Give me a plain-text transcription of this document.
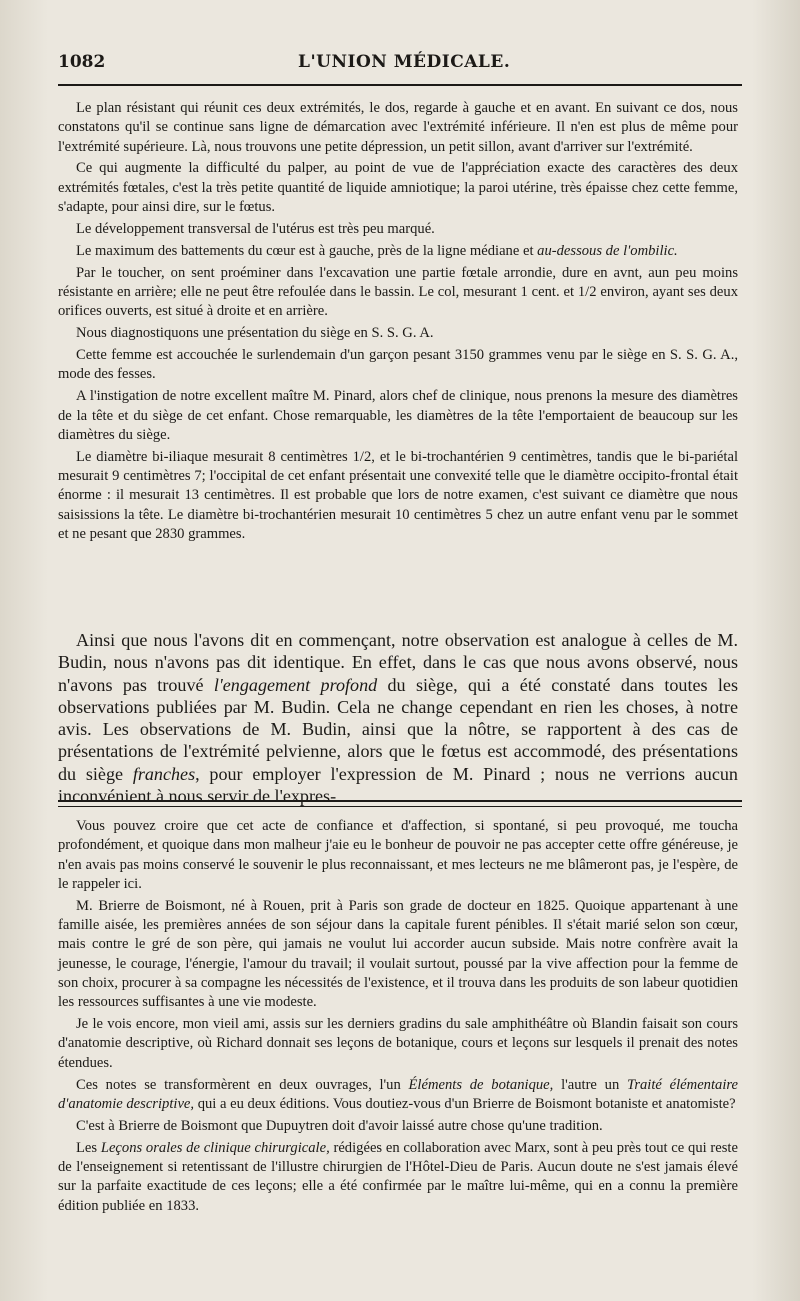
1082	L'UNION MÉDICALE.

Le plan résistant qui réunit ces deux extrémités, le dos, regarde à gauche et en avant. En suivant ce dos, nous constatons qu'il se continue sans ligne de démarcation avec l'extrémité inférieure. Il n'en est plus de même pour l'extrémité supérieure. Là, nous trouvons une petite dépression, un petit sillon, avant d'arriver sur l'extrémité.

Ce qui augmente la difficulté du palper, au point de vue de l'appréciation exacte des caractères des deux extrémités fœtales, c'est la très petite quantité de liquide amniotique; la paroi utérine, très épaisse chez cette femme, s'adapte, pour ainsi dire, sur le fœtus.

Le développement transversal de l'utérus est très peu marqué.

Le maximum des battements du cœur est à gauche, près de la ligne médiane et au-dessous de l'ombilic.

Par le toucher, on sent proéminer dans l'excavation une partie fœtale arrondie, dure en avnt, aun peu moins résistante en arrière; elle ne peut être refoulée dans le bassin. Le col, mesurant 1 cent. et 1/2 environ, ayant ses deux orifices ouverts, est situé à droite et en arrière.

Nous diagnostiquons une présentation du siège en S. S. G. A.

Cette femme est accouchée le surlendemain d'un garçon pesant 3150 grammes venu par le siège en S. S. G. A., mode des fesses.

A l'instigation de notre excellent maître M. Pinard, alors chef de clinique, nous prenons la mesure des diamètres de la tête et du siège de cet enfant. Chose remarquable, les diamètres de la tête l'emportaient de beaucoup sur les diamètres du siège.

Le diamètre bi-iliaque mesurait 8 centimètres 1/2, et le bi-trochantérien 9 centimètres, tandis que le bi-pariétal mesurait 9 centimètres 7; l'occipital de cet enfant présentait une convexité telle que le diamètre occipito-frontal était énorme : il mesurait 13 centimètres. Il est probable que lors de notre examen, c'est suivant ce diamètre que nous saisissions la tête. Le diamètre bi-trochantérien mesurait 10 centimètres 5 chez un autre enfant venu par le sommet et ne pesant que 2830 grammes.

Ainsi que nous l'avons dit en commençant, notre observation est analogue à celles de M. Budin, nous n'avons pas dit identique. En effet, dans le cas que nous avons observé, nous n'avons pas trouvé l'engagement profond du siège, qui a été constaté dans toutes les observations publiées par M. Budin. Cela ne change cependant en rien les choses, à notre avis. Les observations de M. Budin, ainsi que la nôtre, se rapportent à des cas de présentations de l'extrémité pelvienne, alors que le fœtus est accommodé, des présentations du siège franches, pour employer l'expression de M. Pinard ; nous ne verrions aucun inconvénient à nous servir de l'expres-

Vous pouvez croire que cet acte de confiance et d'affection, si spontané, si peu provoqué, me toucha profondément, et quoique dans mon malheur j'aie eu le bonheur de pouvoir ne pas accepter cette offre généreuse, je n'en avais pas moins conservé le souvenir le plus reconnaissant, et mes lecteurs ne me blâmeront pas, je l'espère, de le rappeler ici.

M. Brierre de Boismont, né à Rouen, prit à Paris son grade de docteur en 1825. Quoique appartenant à une famille aisée, les premières années de son séjour dans la capitale furent pénibles. Il s'était marié selon son cœur, mais contre le gré de son père, qui jamais ne voulut lui accorder aucun subside. Mais notre confrère avait la jeunesse, le courage, l'énergie, l'amour du travail; il voulait surtout, poussé par la vive affection pour la femme de son choix, procurer à sa compagne les nécessités de l'existence, et il trouva dans les produits de son labeur quotidien les ressources suffisantes à une vie modeste.

Je le vois encore, mon vieil ami, assis sur les derniers gradins du sale amphithéâtre où Blandin faisait son cours d'anatomie descriptive, où Richard donnait ses leçons de botanique, cours et leçons sur lesquels il prenait des notes étendues.

Ces notes se transformèrent en deux ouvrages, l'un Éléments de botanique, l'autre un Traité élémentaire d'anatomie descriptive, qui a eu deux éditions. Vous doutiez-vous d'un Brierre de Boismont botaniste et anatomiste?

C'est à Brierre de Boismont que Dupuytren doit d'avoir laissé autre chose qu'une tradition.

Les Leçons orales de clinique chirurgicale, rédigées en collaboration avec Marx, sont à peu près tout ce qui reste de l'enseignement si retentissant de l'illustre chirurgien de l'Hôtel-Dieu de Paris. Aucun doute ne s'est jamais élevé sur la parfaite exactitude de ces leçons; elle a été confirmée par le maître lui-même, qui en a connu la première édition publiée en 1833.
